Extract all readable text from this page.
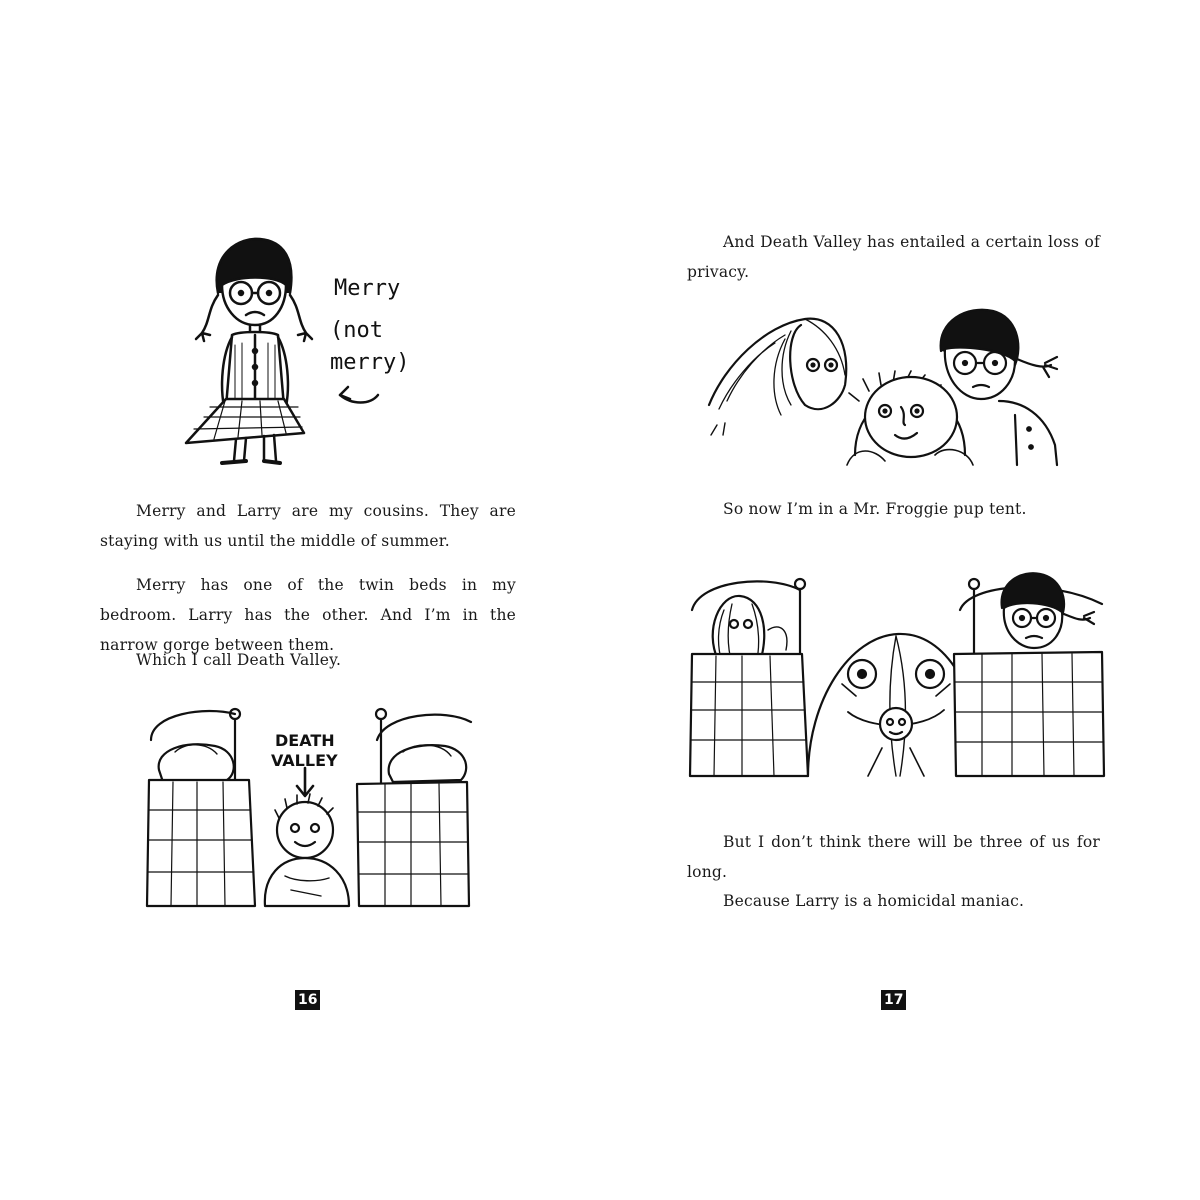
Merry
(not
merry)

Merry and Larry are my cousins. They are staying with us until the middle of summer.

Merry has one of the twin beds in my bedroom. Larry has the other. And I’m in the narrow gorge between them.

Which I call Death Valley.

DEATH
VALLEY
16

And Death Valley has entailed a certain loss of privacy.

So now I’m in a Mr. Froggie pup tent.

But I don’t think there will be three of us for long.

Because Larry is a homicidal maniac.

17
